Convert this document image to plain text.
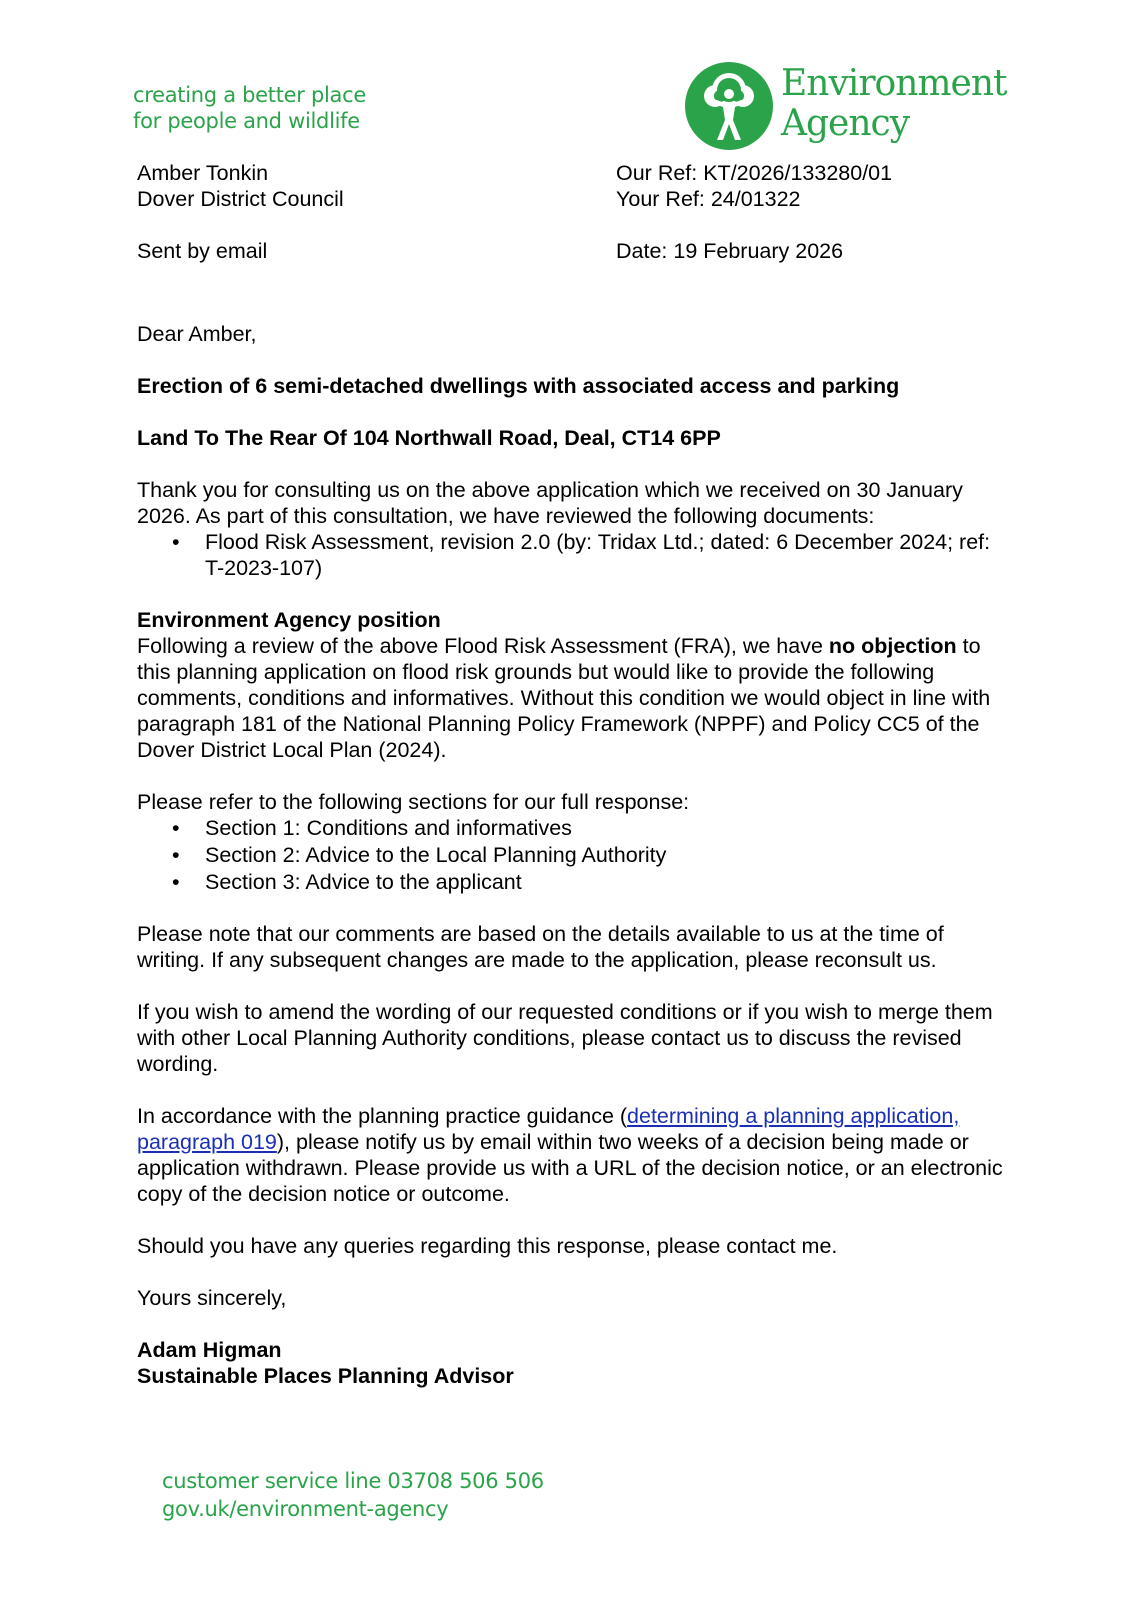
creating a better place
for people and wildlife
Environment
Agency

Amber Tonkin

Dover District Council

Sent by email

Our Ref: KT/2026/133280/01

Your Ref: 24/01322

Date: 19 February 2026

Dear Amber,

Erection of 6 semi-detached dwellings with associated access and parking

Land To The Rear Of 104 Northwall Road, Deal, CT14 6PP

Thank you for consulting us on the above application which we received on 30 January 2026. As part of this consultation, we have reviewed the following documents:

• Flood Risk Assessment, revision 2.0 (by: Tridax Ltd.; dated: 6 December 2024; ref: T-2023-107)

Environment Agency position

Following a review of the above Flood Risk Assessment (FRA), we have no objection to this planning application on flood risk grounds but would like to provide the following comments, conditions and informatives. Without this condition we would object in line with paragraph 181 of the National Planning Policy Framework (NPPF) and Policy CC5 of the Dover District Local Plan (2024).

Please refer to the following sections for our full response:

• Section 1: Conditions and informatives
• Section 2: Advice to the Local Planning Authority
• Section 3: Advice to the applicant

Please note that our comments are based on the details available to us at the time of writing. If any subsequent changes are made to the application, please reconsult us.

If you wish to amend the wording of our requested conditions or if you wish to merge them with other Local Planning Authority conditions, please contact us to discuss the revised wording.

In accordance with the planning practice guidance (determining a planning application, paragraph 019), please notify us by email within two weeks of a decision being made or application withdrawn. Please provide us with a URL of the decision notice, or an electronic copy of the decision notice or outcome.

Should you have any queries regarding this response, please contact me.

Yours sincerely,

Adam Higman

Sustainable Places Planning Advisor

customer service line 03708 506 506
gov.uk/environment-agency
